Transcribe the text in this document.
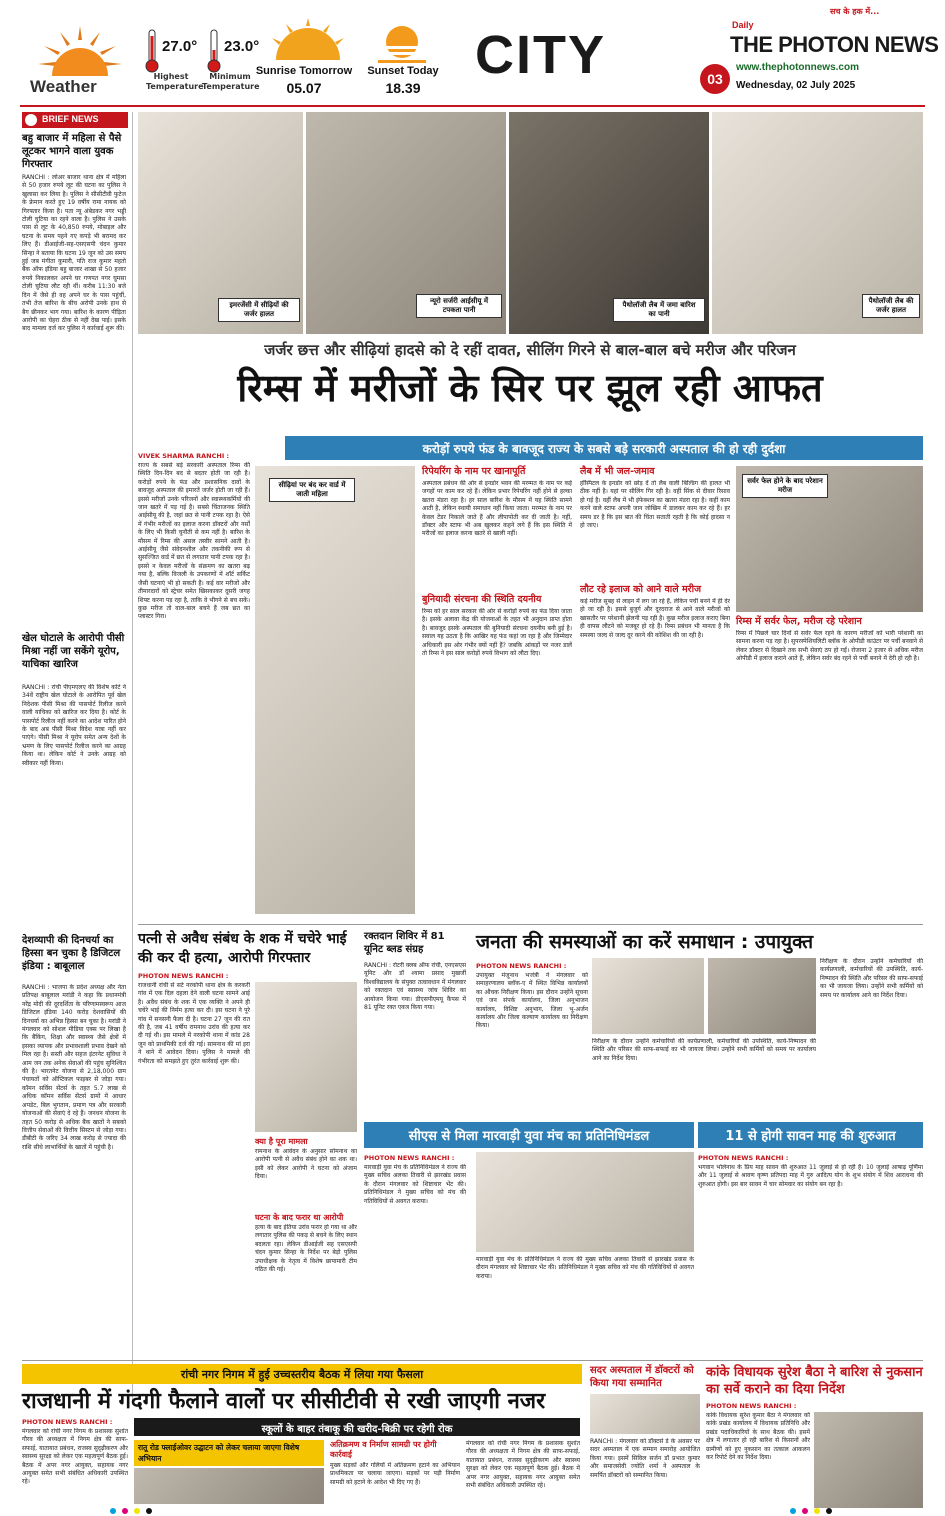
Weather
27.0°
Highest Temperature
23.0°
Minimum Temperature
Sunrise Tomorrow
05.07
Sunset Today
18.39
CITY
सच के हक में...
Daily
THE PHOTON NEWS
03
www.thephotonnews.com
Wednesday, 02 July 2025
BRIEF NEWS
बहु बाजार में महिला से पैसे लूटकर भागने वाला युवक गिरफ्तार
RANCHI : लोअर बाजार थाना क्षेत्र में महिला से 50 हजार रुपये लूट की घटना का पुलिस ने खुलासा कर लिया है। पुलिस ने सीसीटीवी फुटेज के फ्रेमान करते हुए 19 वर्षीय रामा नायक को गिरफ्तार किया है। पता न्यू अंबेडकर नगर भड्डी टोली चुटिया का रहने वाला है। पुलिस ने उसके पास से लूट के 40,850 रुपये, मोबाइल और घटना के समय पहने गए कपड़े भी बरामद कर लिए हैं। डीआईजी-सह-एसएसपी चंदन कुमार सिन्हा ने बताया कि घटना 19 जून को उस समय हुई जब मंगीता कुमारी, पति राज कुमार महतो बैंक ऑफ इंडिया बहु बाजार शाखा से 50 हजार रुपये निकालकर अपने घर गणपत नगर घुमसा टोली चुटिया लौट रही थीं। करीब 11:30 बजे दिन में जैसे ही वह अपने घर के पास पहुंचीं, तभी तेज बारिश के बीच अरोपी उनके हाथ से बैग छीनकर भाग गया। बारिश के कारण पीड़िता आरोपी का चेहरा ठीक से नहीं देख पाई। इसके बाद मामला दर्ज कर पुलिस ने कार्रवाई शुरू की।
खेल घोटाले के आरोपी पीसी मिश्रा नहीं जा सकेंगे यूरोप, याचिका खारिज
RANCHI : रांची पीएमएलए की विशेष कोर्ट ने 34वें राष्ट्रीय खेल घोटाले के आरोपित पूर्व खेल निदेशक पीसी मिश्रा की पासपोर्ट रिलीज करने वाली याचिका को खारिज कर दिया है। कोर्ट के पासपोर्ट रिलीज नहीं करने का आदेश पारित होने के बाद अब पीसी मिश्रा विदेश यात्रा नहीं कर पाएंगे। पीसी मिश्रा ने यूरोप समेत अन्य देशों के भ्रमण के लिए पासपोर्ट रिलीज करने का आग्रह किया था। लेकिन कोर्ट ने उनके आग्रह को स्वीकार नहीं किया।
देशव्यापी की दिनचर्या का हिस्सा बन चुका है डिजिटल इंडिया : बाबूलाल
RANCHI : भाजपा के प्रदेश अध्यक्ष और नेता प्रतिपक्ष बाबूलाल मरांडी ने कहा कि प्रधानमंत्री नरेंद्र मोदी की दूरदर्शिता के परिणामस्वरूप आज डिजिटल इंडिया 140 करोड़ देशवासियों की दिनचर्या का अभिन्न हिस्सा बन चुका है। मरांडी ने मंगलवार को सोशल मीडिया एक्स पर लिखा है कि बैंकिंग, शिक्षा और स्वास्थ्य जैसे क्षेत्रों में इसका व्यापक और प्रभावशाली प्रभाव देखने को मिल रहा है। सस्ती और सहज इंटरनेट सुविधा ने आम जन तक अनेक सेवाओं की पहुंच सुनिश्चित की है। भारतनेट योजना से 2,18,000 ग्राम पंचायतों को ऑप्टिकल फाइबर से जोड़ा गया। कॉमन सर्विस सेंटर्स के तहत 5.7 लाख से अधिक कॉमन सर्विस सेंटर्स ग्रामों में आधार अपडेट, बिल भुगतान, प्रमाण पत्र और सरकारी योजनाओं की सेवाएं दे रहे हैं। जनधन योजना के तहत 50 करोड़ से अधिक बैंक खातों ने सबको वित्तीय सेवाओं की वित्तीय सिस्टम से जोड़ा गया। डीबीटी के जरिए 34 लाख करोड़ से ज्यादा की राशि सीधे लाभार्थियों के खातों में पहुंची है।
इमरजेंसी में सीढ़ियों की जर्जर हालत
न्यूरो सर्जरी आईसीयू में टपकता पानी
पैथोलॉजी लैब में जमा बारिश का पानी
पैथोलॉजी लैब की जर्जर हालत
जर्जर छत्त और सीढ़ियां हादसे को दे रहीं दावत, सीलिंग गिरने से बाल-बाल बचे मरीज और परिजन
रिम्स में मरीजों के सिर पर झूल रही आफत
करोड़ों रुपये फंड के बावजूद राज्य के सबसे बड़े सरकारी अस्पताल की हो रही दुर्दशा
VIVEK SHARMA RANCHI :
राज्य के सबसे बड़े सरकारी अस्पताल रिम्स की स्थिति दिन-दिन बद से बदतर होती जा रही है। करोड़ों रुपये के फंड और प्रशासनिक दावों के बावजूद अस्पताल की इमारतें जर्जर होती जा रही हैं। इससे मरीजों उनके परिजनों और स्वास्थ्यकर्मियों की जान खतरे में पड़ गई है। सबसे चिंताजनक स्थिति आईसीयू की है, जहां छत से पानी टपक रहा है। ऐसे में गंभीर मरीजों का इलाज करना डॉक्टरों और नर्सों के लिए भी किसी चुनौती से कम नहीं है। बारिश के मौसम में रिम्स की असल तस्वीर सामने आती है। आईसीयू जैसे संवेदनशील और तकनीकी रूप से सुसज्जित वार्ड में छत से लगातार पानी टपक रहा है। इससे न केवल मरीजों के संक्रमण का खतरा बढ़ गया है, बल्कि विजली के उपकरणों में शॉर्ट सर्किट जैसी घटनाएं भी हो सकती हैं। कई वार मरीजों और तीमारदारों को स्ट्रेचर समेत खिसकाकर दूसरी जगह शिफ्ट करना पड़ रहा है, ताकि वे भीगने से बच सकें। कुछ मरीज तो वाल-बाल बचने हैं जब छत का प्लास्टर गिरा।
सीढ़ियां पर बंद कर वार्ड में जाती महिला
रिपेयरिंग के नाम पर खानापूर्ति
अस्पताल प्रबंधन की ओर से इनडोर भवन की मरम्मत के नाम पर कई जगहों पर काम कर रहे हैं। लेकिन प्रभार रिपेयरिंग नहीं होने से हल्का खतरा मंडरा रहा है। हर साल बारिश के मौसम में यह स्थिति सामने आती है, लेकिन स्थायी समाधान नहीं किया जाता। मरम्मत के नाम पर केवल टेंडर निकाले जाते हैं और लीपापोती कर दी जाती है। नहीं, डॉक्टर और स्टाफ भी अब खुलकर कहने लगे हैं कि इस स्थिति में मरीजों का इलाज करना खतरे से खाली नहीं।
बुनियादी संरचना की स्थिति दयनीय
रिम्स को हर साल सरकार की ओर से करोड़ों रुपये का फंड दिया जाता है। इसके अलावा केंद्र की योजनाओं के तहत भी अनुदान प्राप्त होता है। बावजूद इसके अस्पताल की बुनियादी संरचना दयनीय बनी हुई है। सवाल यह उठता है कि आखिर यह फंड कहां जा रहा है और जिम्मेदार अधिकारी इस ओर गंभीर क्यों नहीं हैं? जबकि आंकड़ों पर नजर डालें तो रिम्स ने इस साल करोड़ों रुपये विभाग को लौटा दिए।
लैब में भी जल-जमाव
हॉस्पिटल के इनडोर को छोड़ दें तो लैब वाली बिल्डिंग की हालत भी ठीक नहीं है। यहां पर सीलिंग गिर रही है। वहीं सिंक से दीवार रिसाव हो गई है। वहीं लैब में भी इंफेक्शन का खतरा मंडरा रहा है। कहीं काम करने वाले स्टाफ अपनी जान जोखिम में डालकर काम कर रहे हैं। हर समय डर है कि इस बात की चिंता सताती रहती है कि कोई हादसा न हो जाए।
लौट रहे इलाज को आने वाले मरीज
कई मरीज सुबह से लाइन में लग जा रहे हैं, लेकिन पर्ची बनने में ही देर हो जा रही है। इससे बुजुर्ग और दूरदराज से आने वाले मरीजों को खासतौर पर परेशानी झेलनी पड़ रही है। कुछ मरीज इलाज कराए बिना ही वापस लौटने को मजबूर हो रहे हैं। रिम्स प्रबंधन भी मानता है कि समस्या जल्द से जल्द दूर करने की कोशिश की जा रही है।
सर्वर फेल होने के बाद परेशान मरीज
रिम्स में सर्वर फेल, मरीज रहे परेशान
रिम्स में पिछले चार दिनों से सर्वर फेल रहने के कारण मरीजों को भारी परेशानी का सामना करना पड़ रहा है। सुपरस्पेशियलिटी ब्लॉक के ओपीडी काउंटर पर पर्ची बनवाने से लेकर डॉक्टर से दिखाने तक सभी सेवाएं ठप हो गईं। रोजाना 2 हजार से अधिक मरीज ओपीडी में इलाज कराने आते हैं, लेकिन सर्वर बंद रहने से पर्ची बनाने में देरी हो रही है।
पत्नी से अवैध संबंध के शक में चचेरे भाई की कर दी हत्या, आरोपी गिरफ्तार
PHOTON NEWS RANCHI :
राजधानी रांची से सटे नरकोपी थाना क्षेत्र के करकरी गांव में एक दिल दहला देने वाली घटना सामने आई है। अवैध संबंध के शक में एक व्यक्ति ने अपने ही चचेरे भाई की निर्मम हत्या कर दी। इस घटना ने पूरे गांव में सनसनी फैला दी है। घटना 27 जून की रात की है, जब 41 वर्षीय रामनाथ उरांव की हत्या कर दी गई थी। इस मामले में नरकोपी थाना में कांड 28 जून को प्राथमिकी दर्ज की गई। सामनाथ की मां इरा ने थाने में आवेदन दिया। पुलिस ने मामले की गंभीरता को समझते हुए तुरंत कार्रवाई शुरू की।
क्या है पूरा मामला
रामनाथ के आवेदन के अनुसार सोमनाथ का आरोपी पत्नी से अवैध संबंध होने का शक था। इसी को लेकर आरोपी ने घटना को अंजाम दिया।
घटना के बाद फरार था आरोपी
हत्या के बाद इंतिया उरांव फरार हो गया था और लगातार पुलिस की पकड़ से बचने के लिए स्थान बदलता रहा। लेकिन डीआईजी सह एसएसपी चंदन कुमार सिन्हा के निर्देश पर बेड़ो पुलिस उपाधीक्षक के नेतृत्व में विशेष छापामारी टीम गठित की गई।
रक्तदान शिविर में 81 यूनिट ब्लड संग्रह
RANCHI : रोटरी क्लब ऑफ रांची, एनएसएस यूनिट और डॉ श्यामा प्रसाद मुखर्जी विश्वविद्यालय के संयुक्त तत्वावधान में मंगलवार को रक्तदान एवं स्वास्थ्य जांच शिविर का आयोजन किया गया। डीएसपीएमयू कैंपस में 81 यूनिट रक्त एकत्र किया गया।
जनता की समस्याओं का करें समाधान : उपायुक्त
PHOTON NEWS RANCHI :
उपायुक्त मंजूनाथ भजंत्री ने मंगलवार को समाहरणालय ब्लॉक-ए में स्थित विभिन्न कार्यालयों का औचक निरीक्षण किया। इस दौरान उन्होंने सूचना एवं जन संपर्क कार्यालय, जिला अनुभाजन कार्यालय, विशिष्ट अनुभाग, जिला भू-अर्जन कार्यालय और जिला कल्याण कार्यालय का निरीक्षण किया।
निरीक्षण के दौरान उन्होंने कर्मचारियों की कार्यप्रणाली, कर्मचारियों की उपस्थिति, कार्य-निष्पादन की स्थिति और परिसर की साफ-सफाई का भी जायजा लिया। उन्होंने सभी कर्मियों को समय पर कार्यालय आने का निर्देश दिया।
निरीक्षण के दौरान उन्होंने कर्मचारियों की कार्यप्रणाली, कर्मचारियों की उपस्थिति, कार्य-निष्पादन की स्थिति और परिसर की साफ-सफाई का भी जायजा लिया। उन्होंने सभी कर्मियों को समय पर कार्यालय आने का निर्देश दिया।
सीएस से मिला मारवाड़ी युवा मंच का प्रतिनिधिमंडल
PHOTON NEWS RANCHI :
मारवाड़ी युवा मंच के प्रतिनिधिमंडल ने राज्य की मुख्य सचिव अलका तिवारी से झारखंड प्रवास के दौरान मंगलवार को शिष्टाचार भेंट की। प्रतिनिधिमंडल ने मुख्य सचिव को मंच की गतिविधियों से अवगत कराया।
मारवाड़ी युवा मंच के प्रतिनिधिमंडल ने राज्य की मुख्य सचिव अलका तिवारी से झारखंड प्रवास के दौरान मंगलवार को शिष्टाचार भेंट की। प्रतिनिधिमंडल ने मुख्य सचिव को मंच की गतिविधियों से अवगत कराया।
11 से होगी सावन माह की शुरुआत
PHOTON NEWS RANCHI :
भगवान भोलेनाथ के प्रिय माह सावन की शुरुआत 11 जुलाई से हो रही है। 10 जुलाई आषाढ़ पूर्णिमा और 11 जुलाई से श्रावण कृष्ण प्रतिपदा माह में गुरु आदित्य योग के शुभ संयोग में शिव आराधना की शुरुआत होगी। इस बार सावन में चार सोमवार का संयोग बन रहा है।
रांची नगर निगम में हुई उच्चस्तरीय बैठक में लिया गया फैसला
राजधानी में गंदगी फैलाने वालों पर सीसीटीवी से रखी जाएगी नजर
PHOTON NEWS RANCHI :
मंगलवार को रांची नगर निगम के प्रशासक सुशांत गौरव की अध्यक्षता में निगम क्षेत्र की साफ-सफाई, यातायात प्रबंधन, राजस्व सुदृढ़ीकरण और स्वास्थ्य सुरक्षा को लेकर एक महत्वपूर्ण बैठक हुई। बैठक में अपर नगर आयुक्त, सहायक नगर आयुक्त समेत सभी संबंधित अधिकारी उपस्थित रहे।
स्कूलों के बाहर तंबाकू की खरीद-बिक्री पर रहेगी रोक
रातू रोड फ्लाईओवर उद्घाटन को लेकर चलाया जाएगा विशेष अभियान
अतिक्रमण व निर्माण सामग्री पर होगी कार्रवाई
मुख्य सड़कों और गलियों में अतिक्रमण हटाने का अभियान प्राथमिकता पर चलाया जाएगा। सड़कों पर पड़ी निर्माण सामग्री को हटाने के आदेश भी दिए गए हैं।
मंगलवार को रांची नगर निगम के प्रशासक सुशांत गौरव की अध्यक्षता में निगम क्षेत्र की साफ-सफाई, यातायात प्रबंधन, राजस्व सुदृढ़ीकरण और स्वास्थ्य सुरक्षा को लेकर एक महत्वपूर्ण बैठक हुई। बैठक में अपर नगर आयुक्त, सहायक नगर आयुक्त समेत सभी संबंधित अधिकारी उपस्थित रहे।
सदर अस्पताल में डॉक्टरों को किया गया सम्मानित
RANCHI : मंगलवार को डॉक्टर्स डे के अवसर पर सदर अस्पताल में एक सम्मान समारोह आयोजित किया गया। इसमें सिविल सर्जन डॉ प्रभात कुमार और समाजसेवी ज्योति शर्मा ने अस्पताल के समर्पित डॉक्टरों को सम्मानित किया।
कांके विधायक सुरेश बैठा ने बारिश से नुकसान का सर्वे कराने का दिया निर्देश
PHOTON NEWS RANCHI :
कांके विधायक सुरेश कुमार बैठा ने मंगलवार को कांके प्रखंड कार्यालय में विधायक प्रतिनिधि और प्रखंड पदाधिकारियों के साथ बैठक की। इसमें क्षेत्र में लगातार हो रही बारिश से किसानों और ग्रामीणों को हुए नुकसान का तत्काल आकलन कर रिपोर्ट देने का निर्देश दिया।
